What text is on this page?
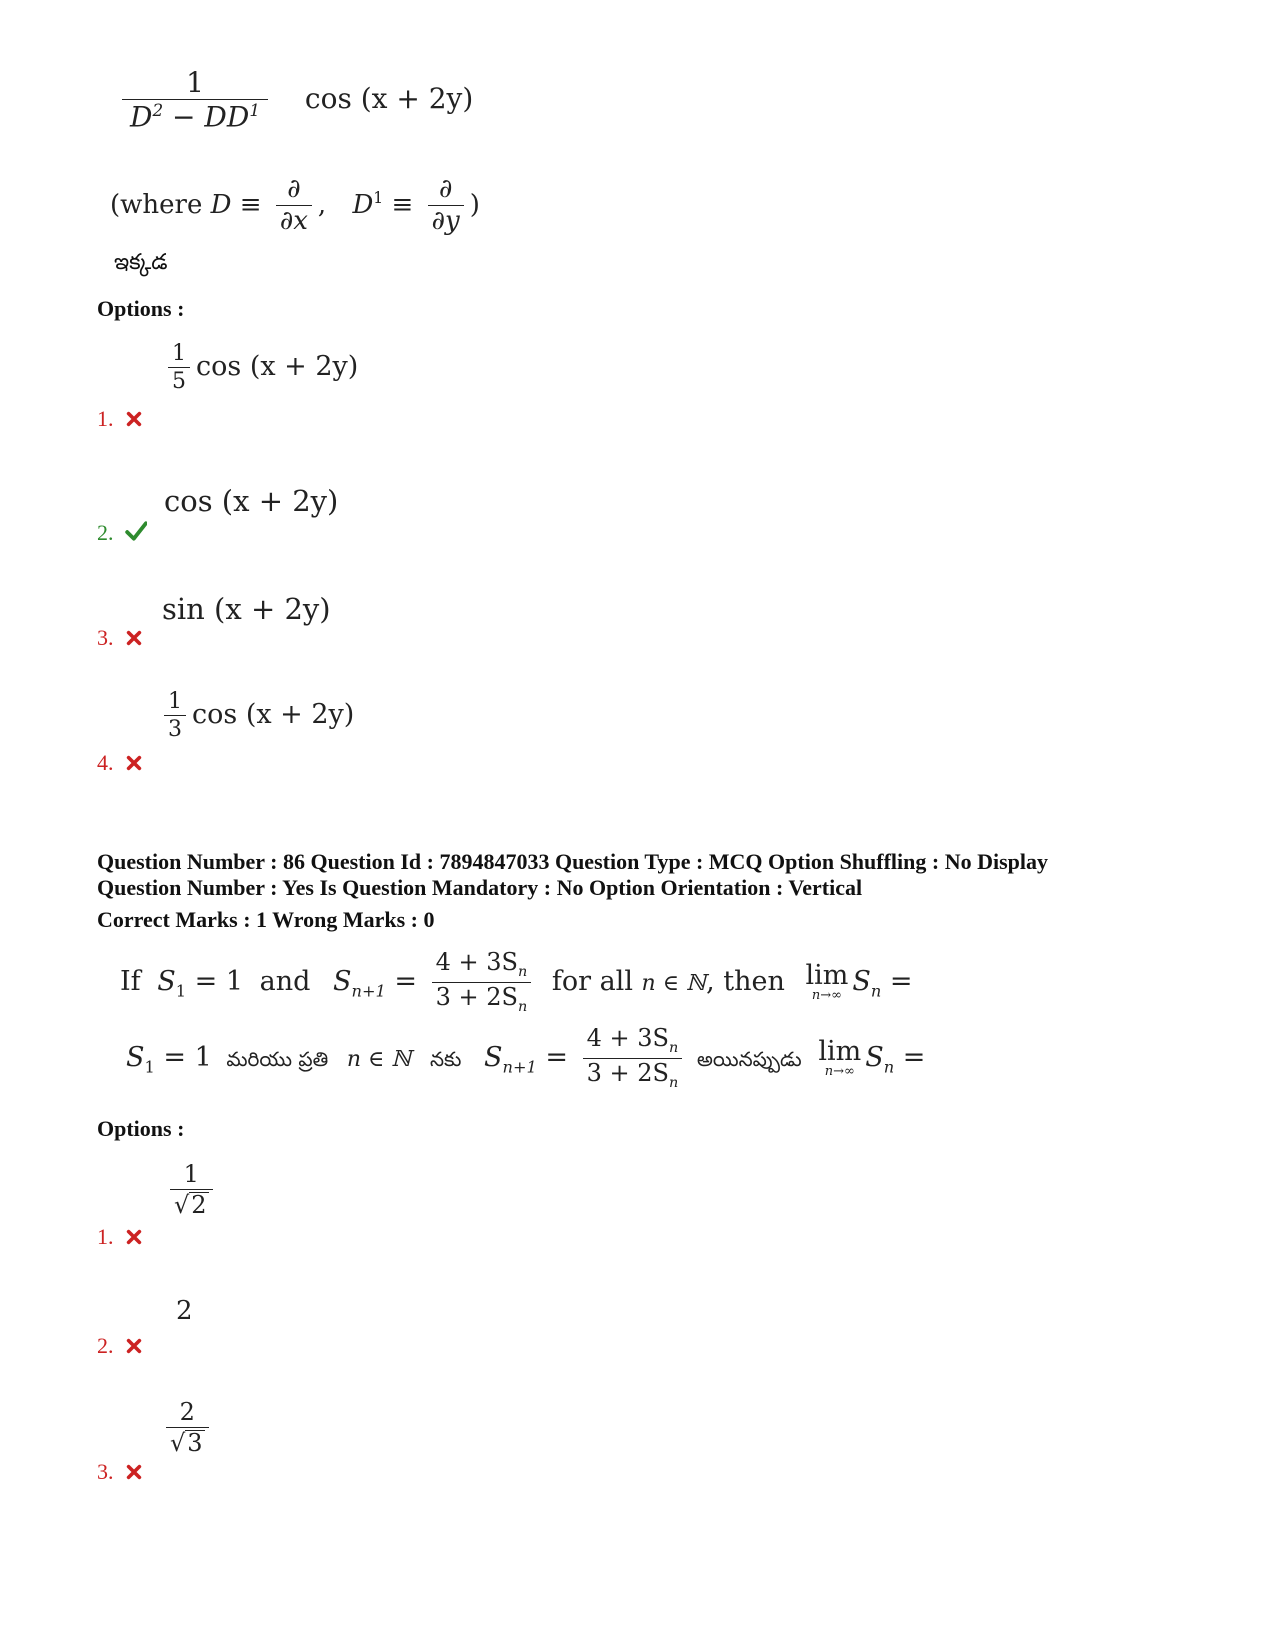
$\frac{1}{D^2 - DD^1}$ cos (x + 2y)
(where $D \equiv \frac{\partial}{\partial x}$ , $D^1 \equiv \frac{\partial}{\partial y}$ )
ఇక్కడ
Options :
$\frac{1}{5}$ cos (x + 2y)
1.
cos (x + 2y)
2.
sin (x + 2y)
3.
$\frac{1}{3}$ cos (x + 2y)
4.
Question Number : 86 Question Id : 7894847033 Question Type : MCQ Option Shuffling : No Display
Question Number : Yes Is Question Mandatory : No Option Orientation : Vertical
Correct Marks : 1 Wrong Marks : 0
If $S_1 = 1$ and $S_{n+1} = \frac{4 + 3S_n}{3 + 2S_n}$ for all n ∈ ℕ, then lim
n→∞ $S_n$ =
$S_1 = 1$ మరియు ప్రతి n ∈ ℕ నకు $S_{n+1} = \frac{4 + 3S_n}{3 + 2S_n}$ అయినప్పుడు lim
n→∞ $S_n$ =
Options :
$\frac{1}{√ 2}$
1.
2
2.
$\frac{2}{√ 3}$
3.
